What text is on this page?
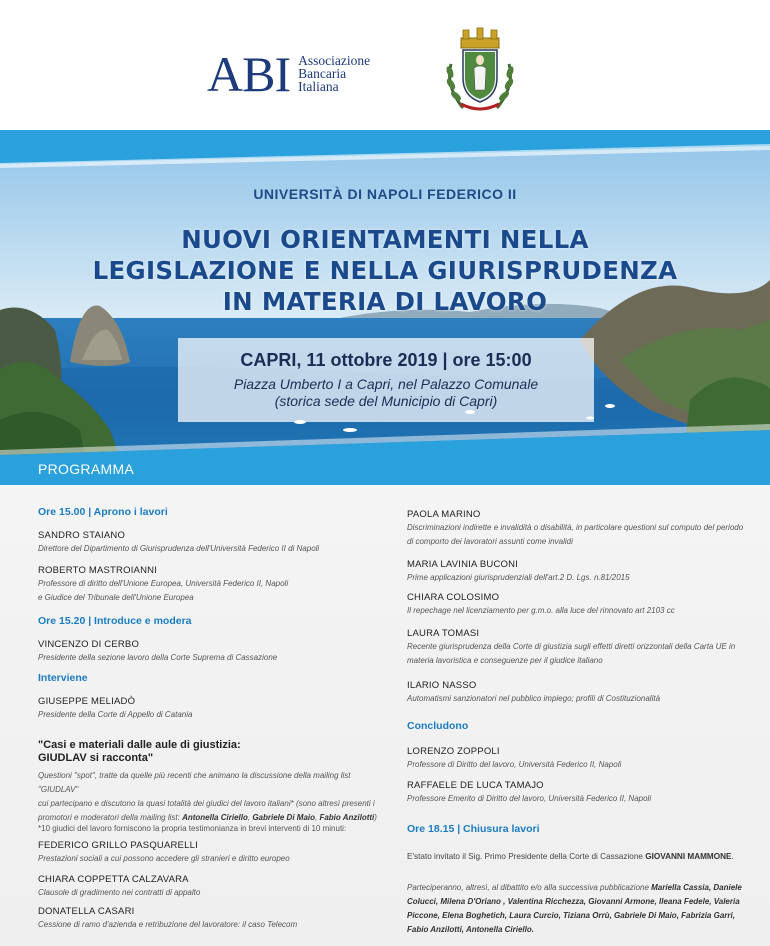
ABI Associazione
Bancaria
Italiana
UNIVERSITÀ DI NAPOLI FEDERICO II
NUOVI ORIENTAMENTI NELLA
LEGISLAZIONE E NELLA GIURISPRUDENZA
IN MATERIA DI LAVORO
CAPRI, 11 ottobre 2019 | ore 15:00
Piazza Umberto I a Capri, nel Palazzo Comunale
(storica sede del Municipio di Capri)
PROGRAMMA
Ore 15.00 | Aprono i lavori
SANDRO STAIANO
Direttore del Dipartimento di Giurisprudenza dell'Università Federico II di Napoli
ROBERTO MASTROIANNI
Professore di diritto dell'Unione Europea, Università Federico II, Napoli
e Giudice del Tribunale dell'Unione Europea
Ore 15.20 | Introduce e modera
VINCENZO DI CERBO
Presidente della sezione lavoro della Corte Suprema di Cassazione
Interviene
GIUSEPPE MELIADÒ
Presidente della Corte di Appello di Catania
"Casi e materiali dalle aule di giustizia:
GIUDLAV si racconta"
Questioni "spot", tratte da quelle più recenti che animano la discussione della mailing list "GIUDLAV"
cui partecipano e discutono la quasi totalità dei giudici del lavoro italiani* (sono altresì presenti i
promotori e moderatori della mailing list: Antonella Ciriello, Gabriele Di Maio, Fabio Anzilotti)
*10 giudici del lavoro forniscono la propria testimonianza in brevi interventi di 10 minuti:
FEDERICO GRILLO PASQUARELLI
Prestazioni sociali a cui possono accedere gli stranieri e diritto europeo
CHIARA COPPETTA CALZAVARA
Clausole di gradimento nei contratti di appalto
DONATELLA CASARI
Cessione di ramo d'azienda e retribuzione del lavoratore: il caso Telecom
PAOLA MARINO
Discriminazioni indirette e invalidità o disabilità, in particolare questioni sul computo del periodo
di comporto dei lavoratori assunti come invalidi
MARIA LAVINIA BUCONI
Prime applicazioni giurisprudenziali dell'art.2 D. Lgs. n.81/2015
CHIARA COLOSIMO
Il repechage nel licenziamento per g.m.o. alla luce del rinnovato art 2103 cc
LAURA TOMASI
Recente giurisprudenza della Corte di giustizia sugli effetti diretti orizzontali della Carta UE in
materia lavoristica e conseguenze per il giudice italiano
ILARIO NASSO
Automatismi sanzionatori nel pubblico impiego; profili di Costituzionalità
Concludono
LORENZO ZOPPOLI
Professore di Diritto del lavoro, Università Federico II, Napoli
RAFFAELE DE LUCA TAMAJO
Professore Emerito di Diritto del lavoro, Università Federico II, Napoli
Ore 18.15 | Chiusura lavori
E'stato invitato il Sig. Primo Presidente della Corte di Cassazione GIOVANNI MAMMONE.
Parteciperanno, altresì, al dibattito e/o alla successiva pubblicazione Mariella Cassia, Daniele
Colucci, Milena D'Oriano , Valentina Ricchezza, Giovanni Armone, Ileana Fedele, Valeria
Piccone, Elena Boghetich, Laura Curcio, Tiziana Orrù, Gabriele Di Maio, Fabrizia Garri,
Fabio Anzilotti, Antonella Ciriello.
